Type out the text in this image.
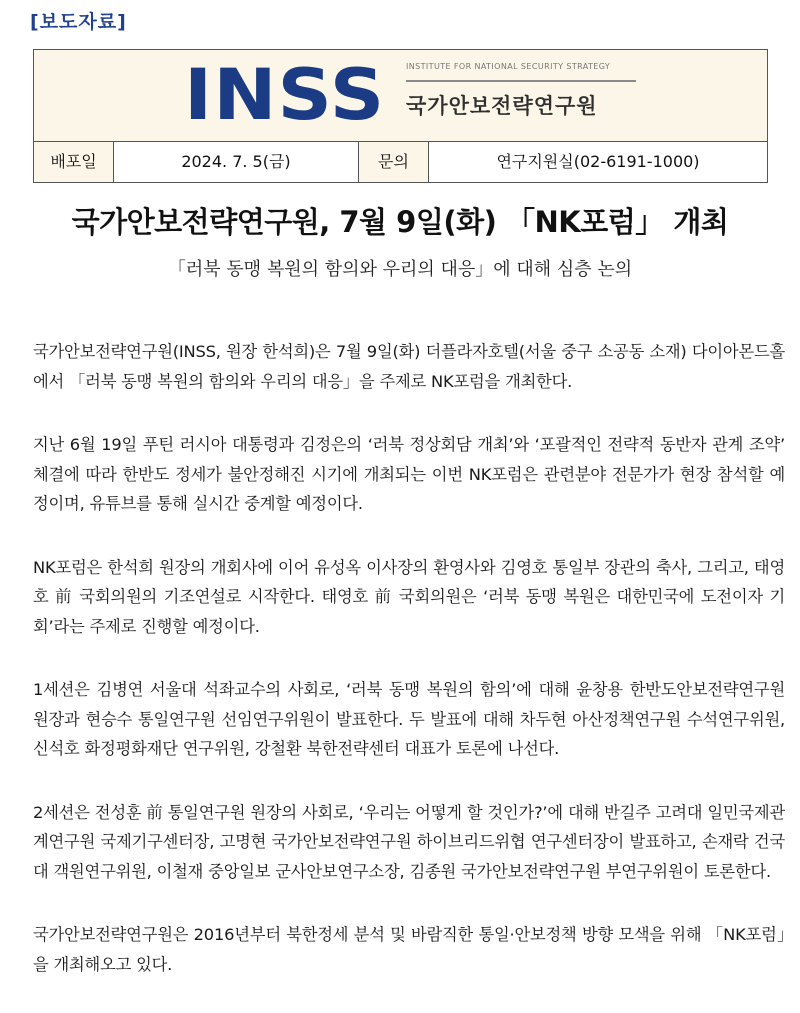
[보도자료]
INSS	INSTITUTE FOR NATIONAL SECURITY STRATEGY
국가안보전략연구원
배포일	2024. 7. 5(금)	문의	연구지원실(02-6191-1000)
국가안보전략연구원, 7월 9일(화) 「NK포럼」 개최
「러북 동맹 복원의 함의와 우리의 대응」에 대해 심층 논의

국가안보전략연구원(INSS, 원장 한석희)은 7월 9일(화) 더플라자호텔(서울 중구 소공동 소재) 다이아몬드홀에서 「러북 동맹 복원의 함의와 우리의 대응」을 주제로 NK포럼을 개최한다.

지난 6월 19일 푸틴 러시아 대통령과 김정은의 ‘러북 정상회담 개최’와 ‘포괄적인 전략적 동반자 관계 조약’ 체결에 따라 한반도 정세가 불안정해진 시기에 개최되는 이번 NK포럼은 관련분야 전문가가 현장 참석할 예정이며, 유튜브를 통해 실시간 중계할 예정이다.

NK포럼은 한석희 원장의 개회사에 이어 유성옥 이사장의 환영사와 김영호 통일부 장관의 축사, 그리고, 태영호 前 국회의원의 기조연설로 시작한다. 태영호 前 국회의원은 ‘러북 동맹 복원은 대한민국에 도전이자 기회’라는 주제로 진행할 예정이다.

1세션은 김병연 서울대 석좌교수의 사회로, ‘러북 동맹 복원의 함의’에 대해 윤창용 한반도안보전략연구원 원장과 현승수 통일연구원 선임연구위원이 발표한다. 두 발표에 대해 차두현 아산정책연구원 수석연구위원, 신석호 화정평화재단 연구위원, 강철환 북한전략센터 대표가 토론에 나선다.

2세션은 전성훈 前 통일연구원 원장의 사회로, ‘우리는 어떻게 할 것인가?’에 대해 반길주 고려대 일민국제관계연구원 국제기구센터장, 고명현 국가안보전략연구원 하이브리드위협 연구센터장이 발표하고, 손재락 건국대 객원연구위원, 이철재 중앙일보 군사안보연구소장, 김종원 국가안보전략연구원 부연구위원이 토론한다.

국가안보전략연구원은 2016년부터 북한정세 분석 및 바람직한 통일·안보정책 방향 모색을 위해 「NK포럼」을 개최해오고 있다.
